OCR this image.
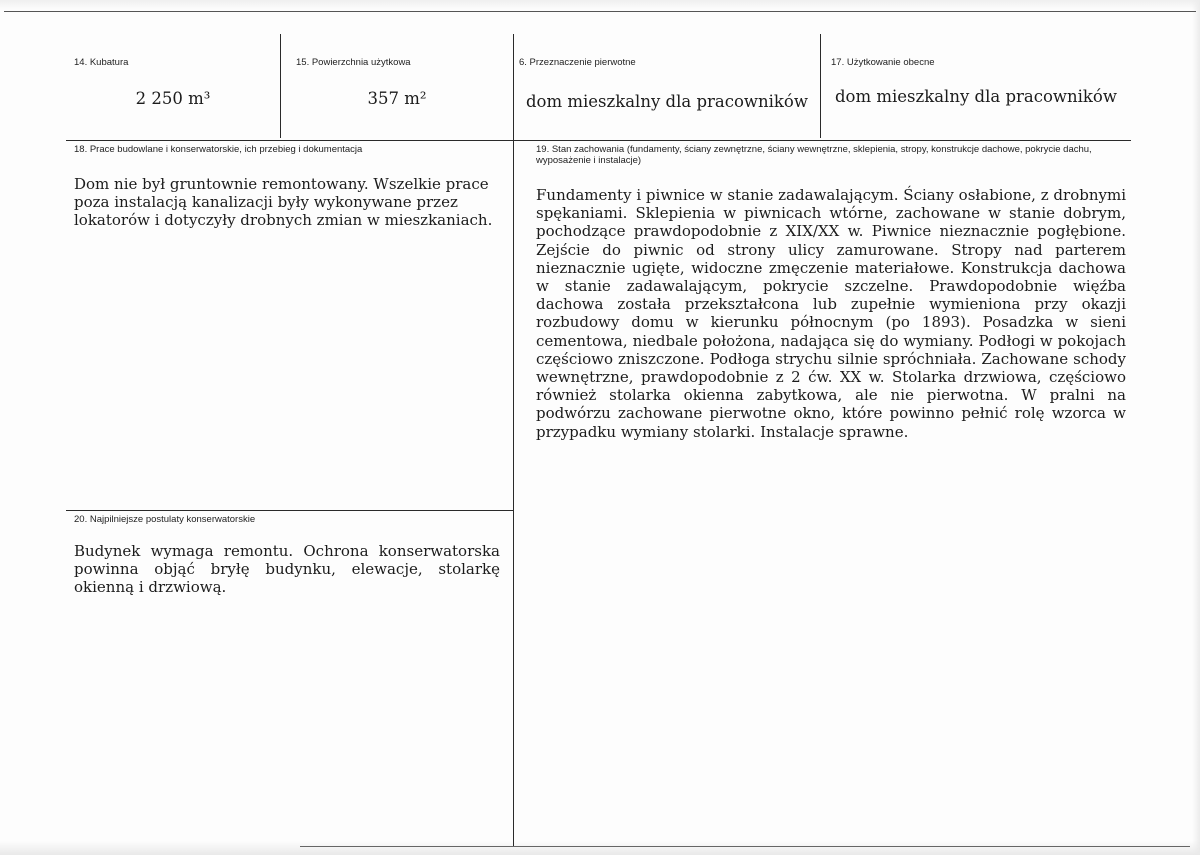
14. Kubatura
2 250 m³
15. Powierzchnia użytkowa
357 m²
6. Przeznaczenie pierwotne
dom mieszkalny dla pracowników
17. Użytkowanie obecne
dom mieszkalny dla pracowników
18. Prace budowlane i konserwatorskie, ich przebieg i dokumentacja
Dom nie był gruntownie remontowany. Wszelkie prace poza instalacją kanalizacji były wykonywane przez lokatorów i dotyczyły drobnych zmian w mieszkaniach.
19. Stan zachowania (fundamenty, ściany zewnętrzne, ściany wewnętrzne, sklepienia, stropy, konstrukcje dachowe, pokrycie dachu, wyposażenie i instalacje)
Fundamenty i piwnice w stanie zadawalającym. Ściany osłabione, z drobnymi spękaniami. Sklepienia w piwnicach wtórne, zachowane w stanie dobrym, pochodzące prawdopodobnie z XIX/XX w. Piwnice nieznacznie pogłębione. Zejście do piwnic od strony ulicy zamurowane. Stropy nad parterem nieznacznie ugięte, widoczne zmęczenie materiałowe. Konstrukcja dachowa w stanie zadawalającym, pokrycie szczelne. Prawdopodobnie więźba dachowa została przekształcona lub zupełnie wymieniona przy okazji rozbudowy domu w kierunku północnym (po 1893). Posadzka w sieni cementowa, niedbale położona, nadająca się do wymiany. Podłogi w pokojach częściowo zniszczone. Podłoga strychu silnie spróchniała. Zachowane schody wewnętrzne, prawdopodobnie z 2 ćw. XX w. Stolarka drzwiowa, częściowo również stolarka okienna zabytkowa, ale nie pierwotna. W pralni na podwórzu zachowane pierwotne okno, które powinno pełnić rolę wzorca w przypadku wymiany stolarki. Instalacje sprawne.
20. Najpilniejsze postulaty konserwatorskie
Budynek wymaga remontu. Ochrona konserwatorska powinna objąć bryłę budynku, elewacje, stolarkę okienną i drzwiową.
